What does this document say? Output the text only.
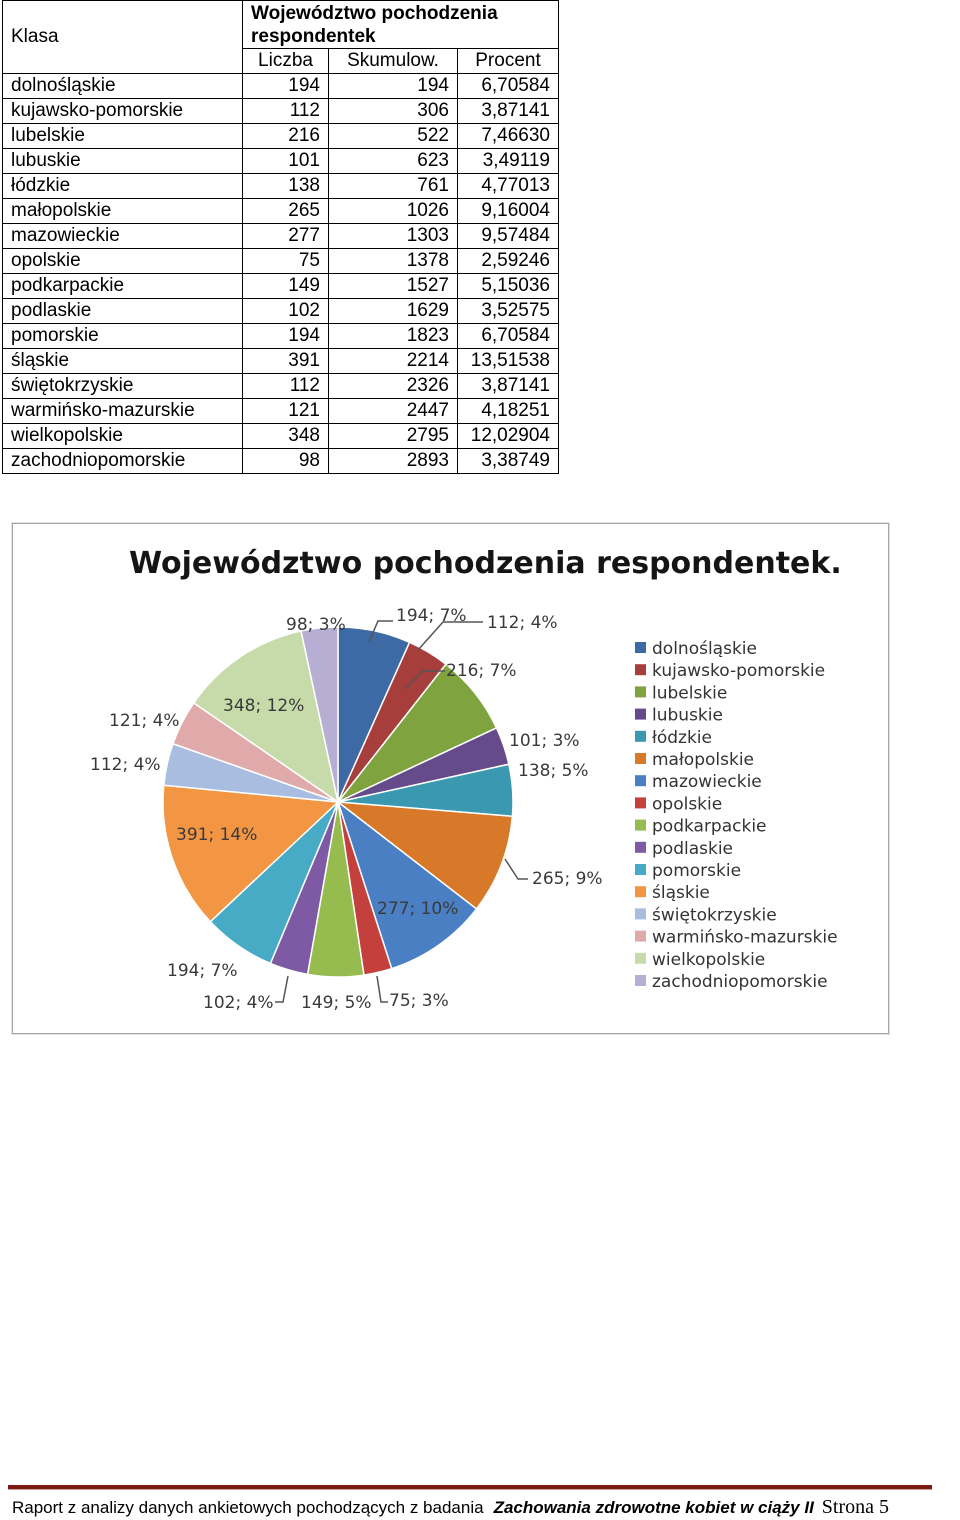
Klasa	Województwo pochodzenia respondentek		
	Liczba	Skumulow.	Procent
dolnośląskie	194	194	6,70584
kujawsko-pomorskie	112	306	3,87141
lubelskie	216	522	7,46630
lubuskie	101	623	3,49119
łódzkie	138	761	4,77013
małopolskie	265	1026	9,16004
mazowieckie	277	1303	9,57484
opolskie	75	1378	2,59246
podkarpackie	149	1527	5,15036
podlaskie	102	1629	3,52575
pomorskie	194	1823	6,70584
śląskie	391	2214	13,51538
świętokrzyskie	112	2326	3,87141
warmińsko-mazurskie	121	2447	4,18251
wielkopolskie	348	2795	12,02904
zachodniopomorskie	98	2893	3,38749
Województwo pochodzenia respondentek.
194; 7% 112; 4%
216; 7%
101; 3%
138; 5%
265; 9%
277; 10%
75; 3%
149; 5%
102; 4%
194; 7%
391; 14%
112; 4%
121; 4%
348; 12%
98; 3%
dolnośląskie
kujawsko-pomorskie
lubelskie
lubuskie
łódzkie
małopolskie
mazowieckie
opolskie
podkarpackie
podlaskie
pomorskie
śląskie
świętokrzyskie
warmińsko-mazurskie
wielkopolskie
zachodniopomorskie
Raport z analizy danych ankietowych pochodzących z badania Zachowania zdrowotne kobiet w ciąży II Strona 5
